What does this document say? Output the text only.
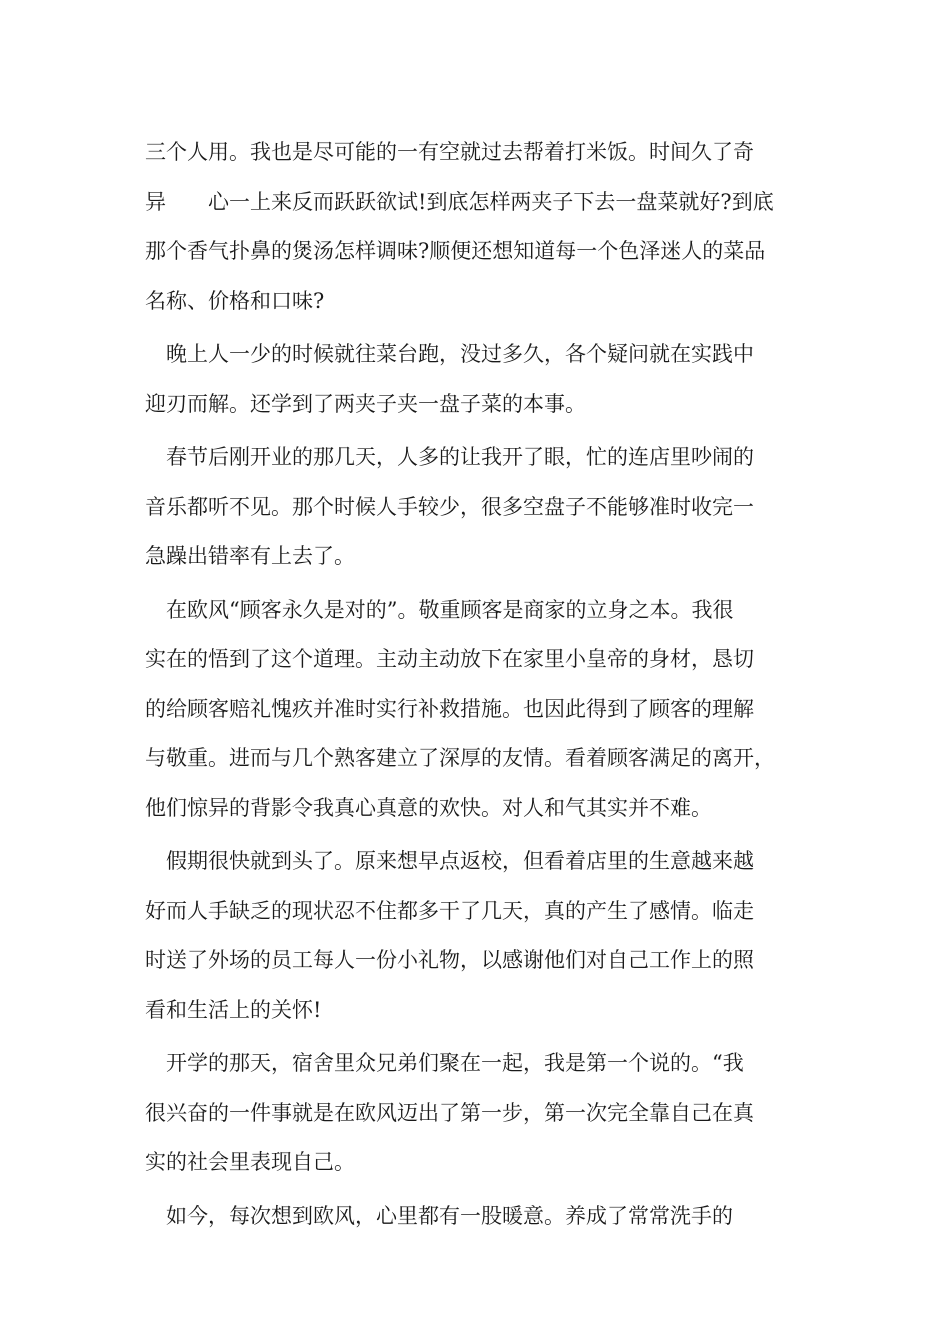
三个人用。我也是尽可能的一有空就过去帮着打米饭。时间久了奇
异　　心一上来反而跃跃欲试!到底怎样两夹子下去一盘菜就好?到底
那个香气扑鼻的煲汤怎样调味?顺便还想知道每一个色泽迷人的菜品
名称、价格和口味?
　晚上人一少的时候就往菜台跑，没过多久，各个疑问就在实践中
迎刃而解。还学到了两夹子夹一盘子菜的本事。
　春节后刚开业的那几天，人多的让我开了眼，忙的连店里吵闹的
音乐都听不见。那个时候人手较少，很多空盘子不能够准时收完一
急躁出错率有上去了。
　在欧风“顾客永久是对的”。敬重顾客是商家的立身之本。我很
实在的悟到了这个道理。主动主动放下在家里小皇帝的身材，恳切
的给顾客赔礼愧疚并准时实行补救措施。也因此得到了顾客的理解
与敬重。进而与几个熟客建立了深厚的友情。看着顾客满足的离开，
他们惊异的背影令我真心真意的欢快。对人和气其实并不难。
　假期很快就到头了。原来想早点返校，但看着店里的生意越来越
好而人手缺乏的现状忍不住都多干了几天，真的产生了感情。临走
时送了外场的员工每人一份小礼物，以感谢他们对自己工作上的照
看和生活上的关怀!
　开学的那天，宿舍里众兄弟们聚在一起，我是第一个说的。“我
很兴奋的一件事就是在欧风迈出了第一步，第一次完全靠自己在真
实的社会里表现自己。
　如今，每次想到欧风，心里都有一股暖意。养成了常常洗手的
